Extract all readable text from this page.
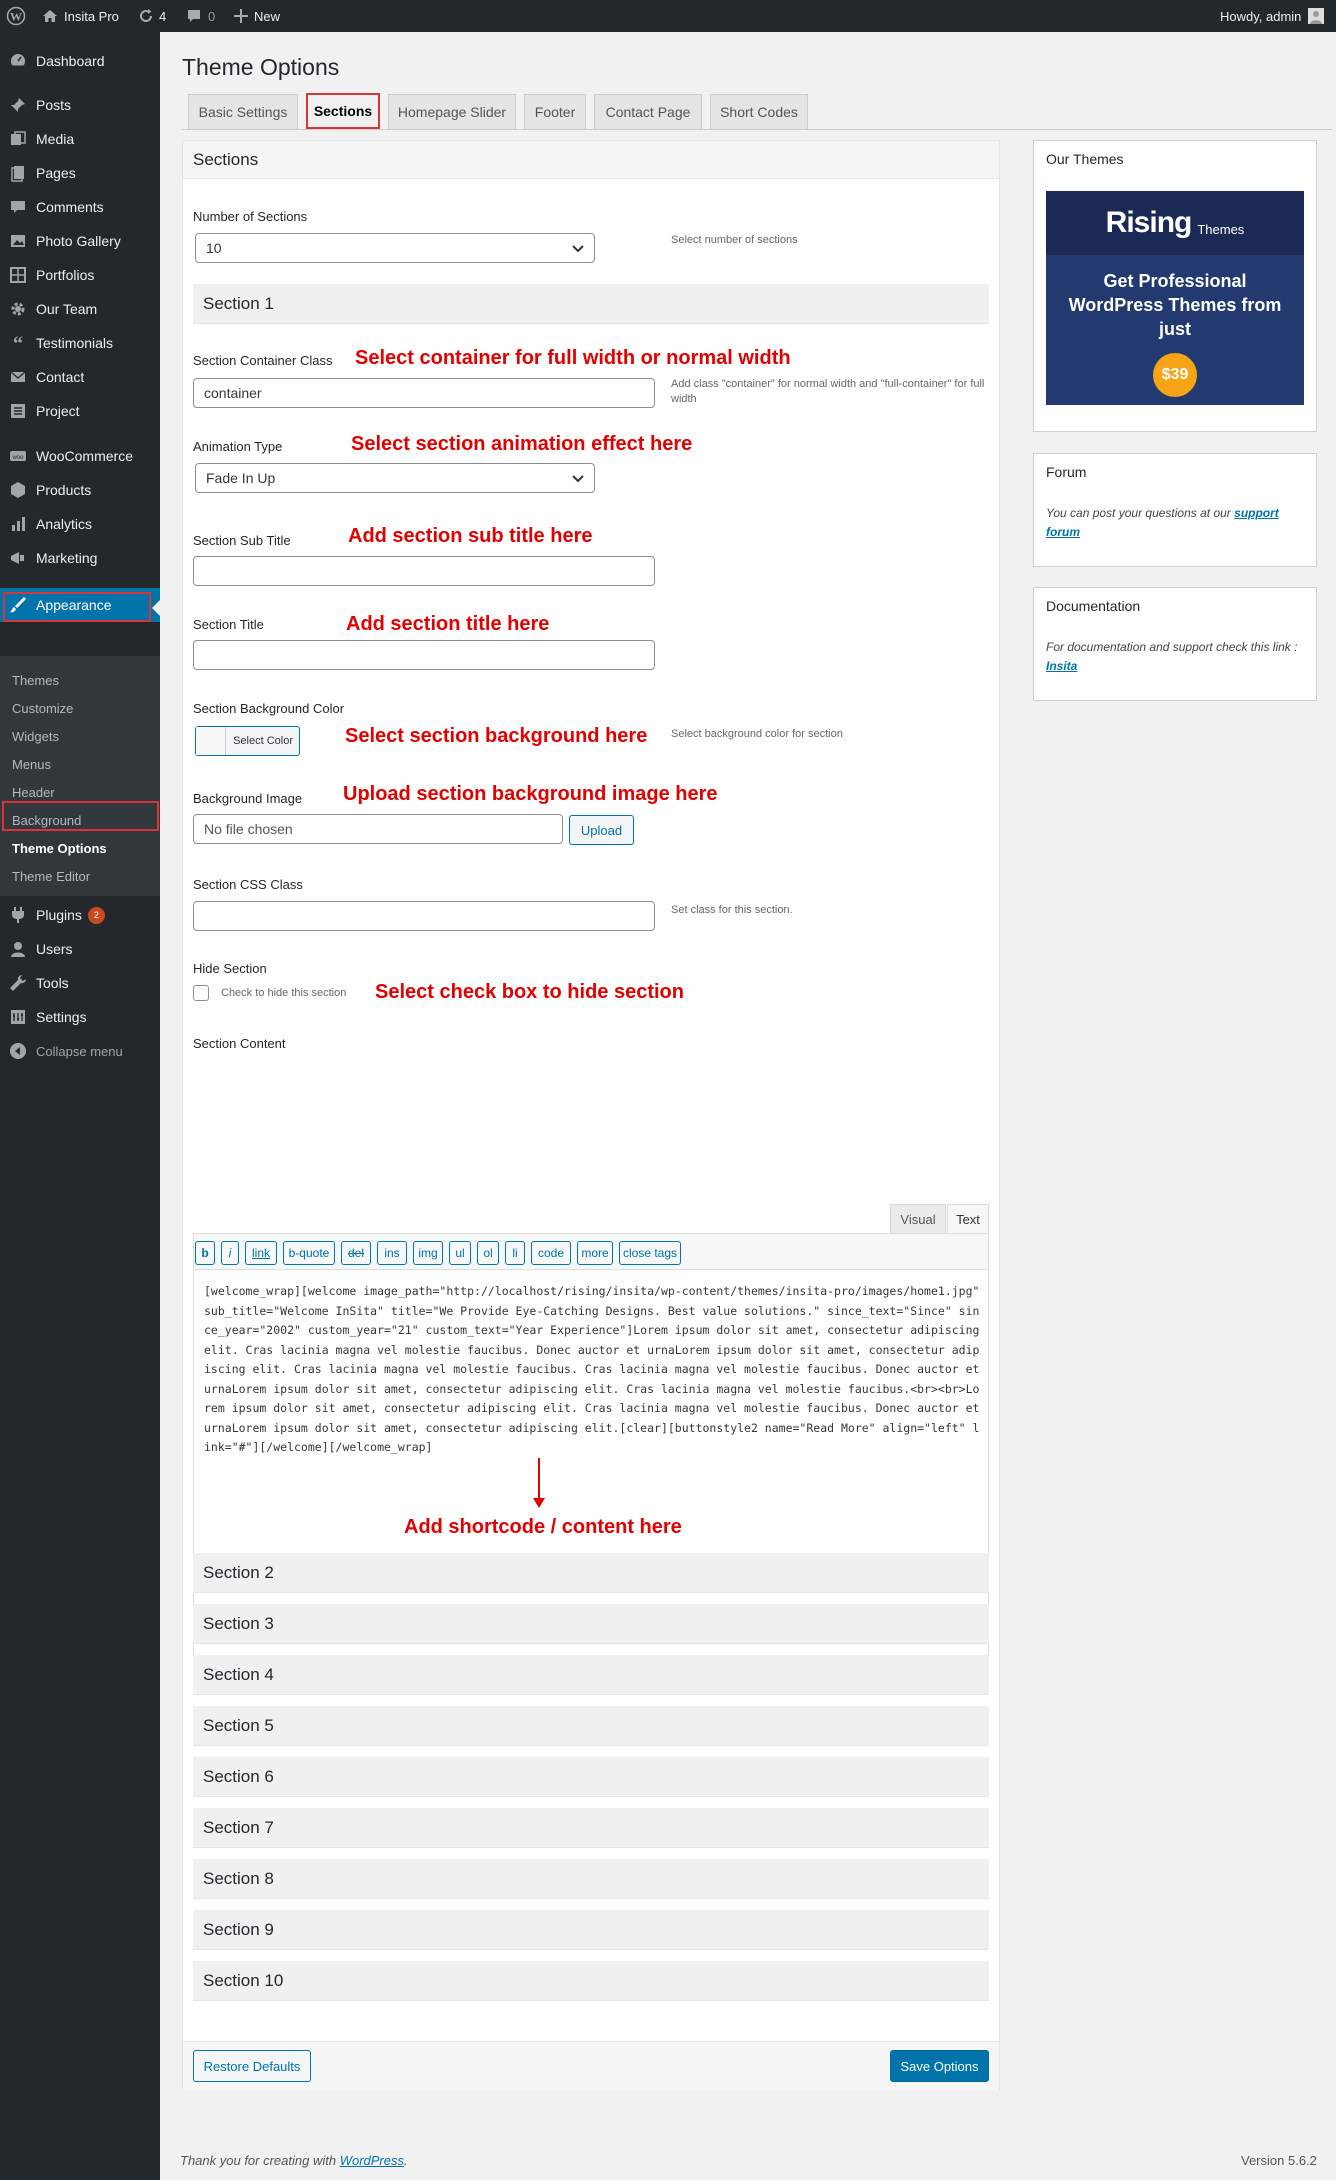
W	Insita Pro	4	0	New	Howdy, admin
Dashboard
Posts
Media
Pages
Comments
Photo Gallery
Portfolios
Our Team
“ Testimonials
Contact
Project
woo WooCommerce
Products
Analytics
Marketing
Appearance
Themes
Customize
Widgets
Menus
Header
Background
Theme Options
Theme Editor
Plugins	2
Users
Tools
Settings
Collapse menu
Theme Options
Basic Settings	Sections	Homepage Slider	Footer	Contact Page	Short Codes
Sections
Number of Sections
10	Select number of sections
Section 1
Section Container Class Select container for full width or normal width
container
Add class "container" for normal width and "full-container" for full width
Animation Type	Select section animation effect here
Fade In Up
Section Sub Title	Add section sub title here
Section Title	Add section title here
Section Background Color
Select Color	Select section background here Select background color for section
Background Image Upload section background image here
No file chosen	Upload
Section CSS Class
Set class for this section.
Hide Section
Check to hide this section Select check box to hide section
Section Content
Visual	Text
b	i	link	b-quote	del	ins	img	ul	ol	li	code	more	close tags
[welcome_wrap][welcome image_path="http://localhost/rising/insita/wp-content/themes/insita-pro/images/home1.jpg" sub_title="Welcome InSita" title="We Provide Eye-Catching Designs. Best value solutions." since_text="Since" since_year="2002" custom_year="21" custom_text="Year Experience"]Lorem ipsum dolor sit amet, consectetur adipiscing elit. Cras lacinia magna vel molestie faucibus. Donec auctor et urnaLorem ipsum dolor sit amet, consectetur adipiscing elit. Cras lacinia magna vel molestie faucibus. Cras lacinia magna vel molestie faucibus. Donec auctor et urnaLorem ipsum dolor sit amet, consectetur adipiscing elit. Cras lacinia magna vel molestie faucibus.<br><br>Lorem ipsum dolor sit amet, consectetur adipiscing elit. Cras lacinia magna vel molestie faucibus. Donec auctor et urnaLorem ipsum dolor sit amet, consectetur adipiscing elit.[clear][buttonstyle2 name="Read More" align="left" link="#"][/welcome][/welcome_wrap]
Add shortcode / content here
Section 2
Section 3
Section 4
Section 5
Section 6
Section 7
Section 8
Section 9
Section 10
Restore Defaults	Save Options
Our Themes
Rising Themes
Get Professional WordPress Themes from just
$39
Forum
You can post your questions at our support forum
Documentation
For documentation and support check this link : Insita
Thank you for creating with WordPress.	Version 5.6.2
